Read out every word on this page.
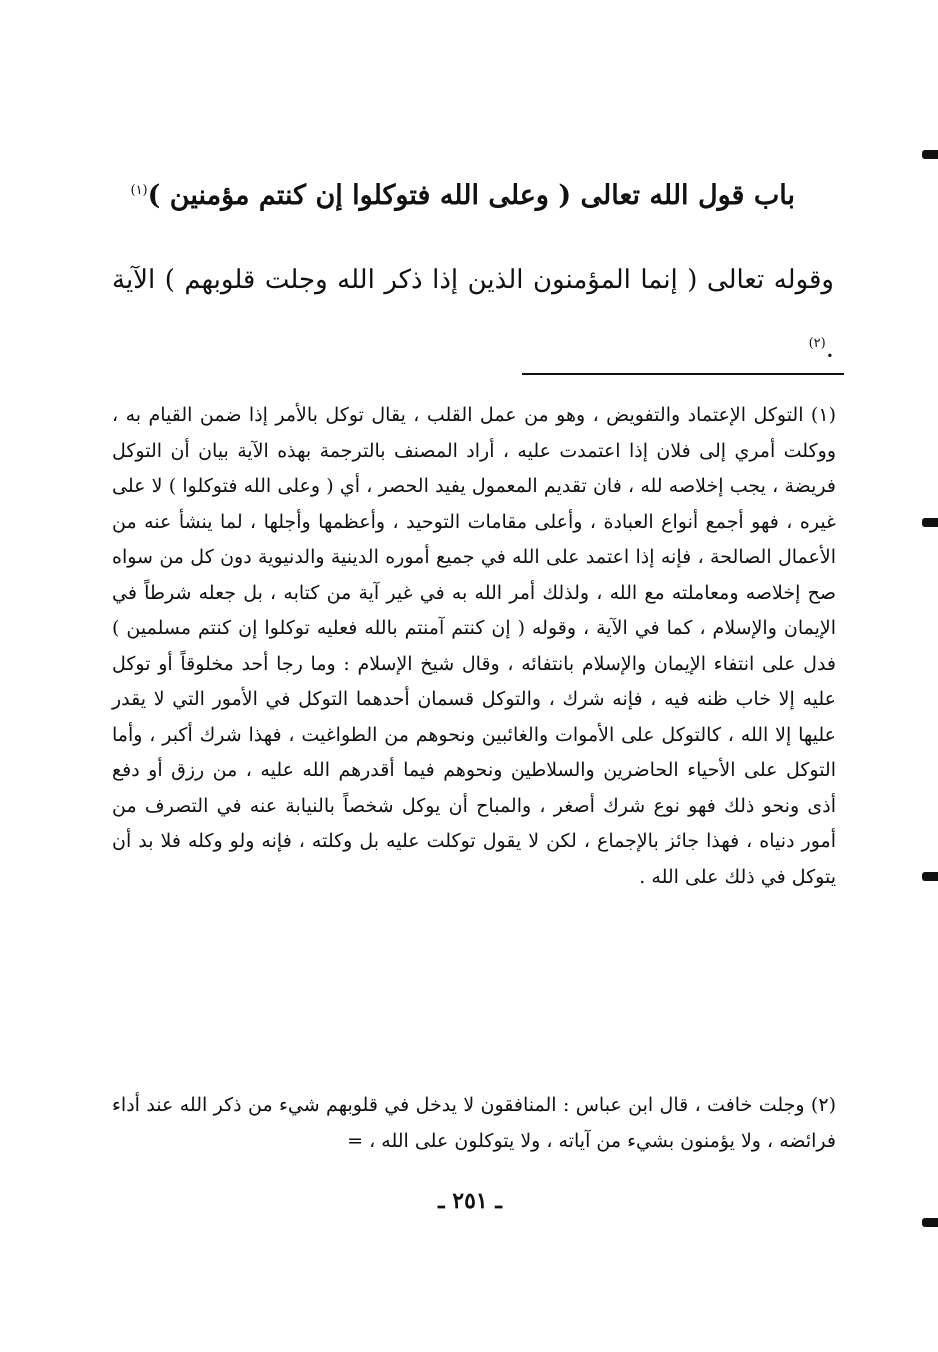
باب قول الله تعالى ( وعلى الله فتوكلوا إن كنتم مؤمنين )$^{(١)}$
وقوله تعالى ( إنما المؤمنون الذين إذا ذكر الله وجلت قلوبهم ) الآية .$^{(٢)}$
(١) التوكل الإعتماد والتفويض ، وهو من عمل القلب ، يقال توكل بالأمر إذا ضمن القيام به ، ووكلت أمري إلى فلان إذا اعتمدت عليه ، أراد المصنف بالترجمة بهذه الآية بيان أن التوكل فريضة ، يجب إخلاصه لله ، فان تقديم المعمول يفيد الحصر ، أي ( وعلى الله فتوكلوا ) لا على غيره ، فهو أجمع أنواع العبادة ، وأعلى مقامات التوحيد ، وأعظمها وأجلها ، لما ينشأ عنه من الأعمال الصالحة ، فإنه إذا اعتمد على الله في جميع أموره الدينية والدنيوية دون كل من سواه صح إخلاصه ومعاملته مع الله ، ولذلك أمر الله به في غير آية من كتابه ، بل جعله شرطاً في الإيمان والإسلام ، كما في الآية ، وقوله ( إن كنتم آمنتم بالله فعليه توكلوا إن كنتم مسلمين ) فدل على انتفاء الإيمان والإسلام بانتفائه ، وقال شيخ الإسلام : وما رجا أحد مخلوقاً أو توكل عليه إلا خاب ظنه فيه ، فإنه شرك ، والتوكل قسمان أحدهما التوكل في الأمور التي لا يقدر عليها إلا الله ، كالتوكل على الأموات والغائبين ونحوهم من الطواغيت ، فهذا شرك أكبر ، وأما التوكل على الأحياء الحاضرين والسلاطين ونحوهم فيما أقدرهم الله عليه ، من رزق أو دفع أذى ونحو ذلك فهو نوع شرك أصغر ، والمباح أن يوكل شخصاً بالنيابة عنه في التصرف من أمور دنياه ، فهذا جائز بالإجماع ، لكن لا يقول توكلت عليه بل وكلته ، فإنه ولو وكله فلا بد أن يتوكل في ذلك على الله .
(٢) وجلت خافت ، قال ابن عباس : المنافقون لا يدخل في قلوبهم شيء من ذكر الله عند أداء فرائضه ، ولا يؤمنون بشيء من آياته ، ولا يتوكلون على الله ، =
ـ ٢٥١ ـ
